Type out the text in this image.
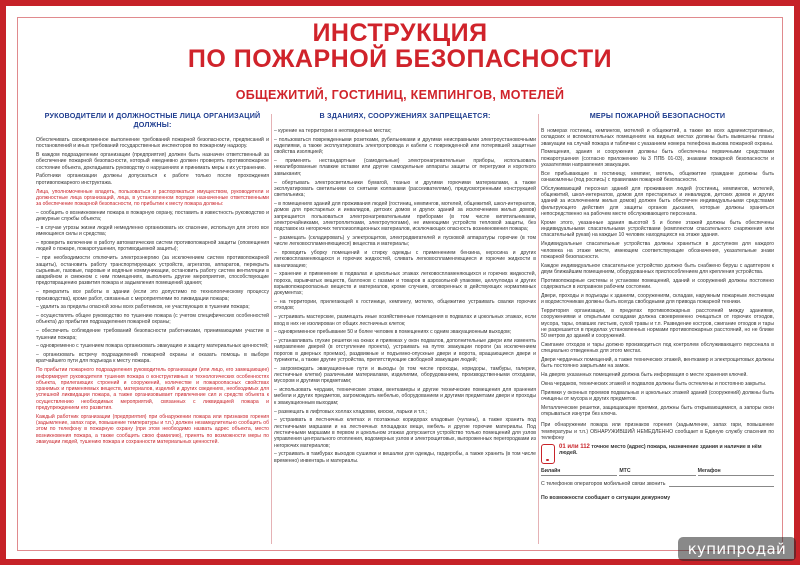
ИНСТРУКЦИЯ
ПО ПОЖАРНОЙ БЕЗОПАСНОСТИ
ОБЩЕЖИТИЙ, ГОСТИНИЦ, КЕМПИНГОВ, МОТЕЛЕЙ
РУКОВОДИТЕЛИ И ДОЛЖНОСТНЫЕ ЛИЦА ОРГАНИЗАЦИЙ ДОЛЖНЫ:

Обеспечивать своевременное выполнение требований пожарной безопасности, предписаний и постановлений и иных требований государственных инспекторов по пожарному надзору.

В каждом подразделении организации (предприятия) должен быть назначен ответственный за обеспечение пожарной безопасности, который ежедневно должен проверять противопожарное состояние объекта, докладывать руководству о нарушениях и принимать меры к их устранению.

Работники организации должны допускаться к работе только после прохождения противопожарного инструктажа.

Лица, уполномоченные владеть, пользоваться и распоряжаться имуществом, руководители и должностные лица организаций, лица, в установленном порядке назначенные ответственными за обеспечение пожарной безопасности, по прибытии к месту пожара должны:

– сообщить о возникновении пожара в пожарную охрану, поставить в известность руководство и дежурные службы объекта;

– в случае угрозы жизни людей немедленно организовать их спасение, используя для этого все имеющиеся силы и средства;

– проверить включение в работу автоматических систем противопожарной защиты (оповещения людей о пожаре, пожаротушения, противодымной защиты);

– при необходимости отключить электроэнергию (за исключением систем противопожарной защиты), остановить работу транспортирующих устройств, агрегатов, аппаратов, перекрыть сырьевые, газовые, паровые и водяные коммуникации, остановить работу систем вентиляции в аварийном и смежном с ним помещениях, выполнить другие мероприятия, способствующие предотвращению развития пожара и задымления помещений здания;

– прекратить все работы в здании (если это допустимо по технологическому процессу производства), кроме работ, связанных с мероприятиями по ликвидации пожара;

– удалить за пределы опасной зоны всех работников, не участвующих в тушении пожара;

– осуществлять общее руководство по тушению пожара (с учетом специфических особенностей объекта) до прибытия подразделения пожарной охраны;

– обеспечить соблюдение требований безопасности работниками, принимающими участие в тушении пожара;

– одновременно с тушением пожара организовать эвакуацию и защиту материальных ценностей;

– организовать встречу подразделений пожарной охраны и оказать помощь в выборе кратчайшего пути для подъезда к месту пожара.

По прибытии пожарного подразделения руководитель организации (или лицо, его замещающее) информирует руководителя тушения пожара о конструктивных и технологических особенностях объекта, прилегающих строений и сооружений, количестве и пожароопасных свойствах хранимых и применяемых веществ, материалов, изделий и других сведениях, необходимых для успешной ликвидации пожара, а также организовывает привлечение сил и средств объекта к осуществлению необходимых мероприятий, связанных с ликвидацией пожара и предупреждением его развития.

Каждый работник организации (предприятия) при обнаружении пожара или признаков горения (задымление, запах гари, повышение температуры и т.п.) должен незамедлительно сообщить об этом по телефону в пожарную охрану (при этом необходимо назвать адрес объекта, место возникновения пожара, а также сообщить свою фамилию), принять по возможности меры по эвакуации людей, тушению пожара и сохранности материальных ценностей.

В ЗДАНИЯХ, СООРУЖЕНИЯХ ЗАПРЕЩАЕТСЯ:

– курение на территории в неотведенных местах;

– пользоваться поврежденными розетками, рубильниками и другими неисправными электроустановочными изделиями, а также эксплуатировать электропровода и кабели с поврежденной или потерявшей защитные свойства изоляцией;

– применять нестандартные (самодельные) электронагревательные приборы, использовать некалиброванные плавкие вставки или другие самодельные аппараты защиты от перегрузки и короткого замыкания;

– обертывать электросветильники бумагой, тканью и другими горючими материалами, а также эксплуатировать светильники со снятыми колпаками (рассеивателями), предусмотренными конструкцией светильника;

– в помещениях зданий для проживания людей (гостиниц, кемпингов, мотелей, общежитий, школ-интернатов, домов для престарелых и инвалидов, детских домов и других зданий за исключением жилых домов) запрещается пользоваться электронагревательными приборами (в том числе кипятильниками, электрочайниками, электроплитками, электроутюгами), не имеющими устройств тепловой защиты, без подставок из негорючих теплоизоляционных материалов, исключающих опасность возникновения пожара;

– размещать (складировать) у электрощитов, электродвигателей и пусковой аппаратуры горючие (в том числе легковоспламеняющиеся) вещества и материалы;

– проводить уборку помещений и стирку одежды с применением бензина, керосина и других легковоспламеняющихся и горючих жидкостей, сливать легковоспламеняющиеся и горючие жидкости в канализацию;

– хранение и применение в подвалах и цокольных этажах легковоспламеняющихся и горючих жидкостей, пороха, взрывчатых веществ, баллонов с газами и товаров в аэрозольной упаковке, целлулоида и других взрывопожароопасных веществ и материалов, кроме случаев, оговоренных в действующих нормативных документах;

– на территории, прилегающей к гостинице, кемпингу, мотелю, общежитию устраивать свалки горючих отходов;

– устраивать мастерские, размещать иные хозяйственные помещения в подвалах и цокольных этажах, если вход в них не изолирован от общих лестничных клеток;

– одновременное пребывание 50 и более человек в помещениях с одним эвакуационным выходом;

– устанавливать глухие решетки на окнах и приямках у окон подвалов, дополнительные двери или изменять направление дверей (в отступление проекта), устраивать на путях эвакуации пороги (за исключением порогов в дверных проемах), раздвижные и подъемно-опускные двери и ворота, вращающиеся двери и турникеты, а также другие устройства, препятствующие свободной эвакуации людей;

– загромождать эвакуационные пути и выходы (в том числе проходы, коридоры, тамбуры, галереи, лестничные клетки) различными материалами, изделиями, оборудованием, производственными отходами, мусором и другими предметами;

– использовать чердаки, технические этажи, венткамеры и другие технические помещения для хранения мебели и других предметов, загромождать мебелью, оборудованием и другими предметами двери и проходы к эвакуационным выходам;

– размещать в лифтовых холлах кладовки, киоски, ларьки и т.п.;

– устраивать в лестничных клетках и поэтажных коридорах кладовые (чуланы), а также хранить под лестничными маршами и на лестничных площадках вещи, мебель и другие горючие материалы. Под лестничными маршами в первом и цокольном этажах допускается устройство только помещений для узлов управления центрального отопления, водомерных узлов и электрощитовых, выгороженных перегородками из негорючих материалов;

– устраивать в тамбурах выходов сушилки и вешалки для одежды, гардеробы, а также хранить (в том числе временно) инвентарь и материалы.

МЕРЫ ПОЖАРНОЙ БЕЗОПАСНОСТИ

В номерах гостиниц, кемпингов, мотелей и общежитий, а также во всех административных, складских и вспомогательных помещениях на видных местах должны быть вывешены планы эвакуации на случай пожара и таблички с указанием номера телефона вызова пожарной охраны.

Помещения, здания и сооружения должны быть обеспечены первичными средствами пожаротушения (согласно приложению №3 ППБ 01-03), знаками пожарной безопасности и указателями направления эвакуации.

Все прибывающие в гостиницу, кемпинг, мотель, общежитие граждане должны быть ознакомлены (под роспись) с правилами пожарной безопасности.

Обслуживающий персонал зданий для проживания людей (гостиниц, кемпингов, мотелей, общежитий, школ-интернатов, домов для престарелых и инвалидов, детских домов и других зданий за исключением жилых домов) должен быть обеспечен индивидуальными средствами фильтрующего действия для защиты органов дыхания, которые должны храниться непосредственно на рабочем месте обслуживающего персонала.

Кроме этого, указанные здания высотой 5 и более этажей должны быть обеспечены индивидуальными спасательными устройствами (комплектом спасательного снаряжения или спасательный рукав) на каждые 10 человек находящихся на этаже здания.

Индивидуальные спасательные устройства должны храниться в доступном для каждого человека на этаже месте, имеющем соответствующие обозначения, указательные знаки пожарной безопасности.

Каждое индивидуальное спасательное устройство должно быть снабжено беруш с адаптером к двум ближайшим помещениям, оборудованных приспособлением для крепления устройства.

Противопожарные системы и установки помещений, зданий и сооружений должны постоянно содержаться в исправном рабочем состоянии.

Двери, проходы и подъезды к зданиям, сооружениям, складам, наружным пожарным лестницам и водоисточникам должны быть всегда свободными для привода пожарной техники.

Территория организации, в пределах противопожарных расстояний между зданиями, сооружениями и открытыми складами должна своевременно очищаться от горючих отходов, мусора, тары, опавших листьев, сухой травы и т.п. Разведение костров, сжигание отходов и тары не разрешается в пределах установленных нормами противопожарных расстояний, но не ближе 50 метров до зданий и сооружений.

Сжигание отходов и тары должно производиться под контролем обслуживающего персонала в специально отведенных для этого местах.

Двери чердачных помещений, а также технических этажей, венткамер и электрощитовых должны быть постоянно закрытыми на замок.

На дверях указанных помещений должна быть информация о месте хранения ключей.

Окна чердаков, технических этажей и подвалов должны быть остеклены и постоянно закрыты.

Приямки у оконных проемов подвальных и цокольных этажей зданий (сооружений) должны быть очищены от мусора и других предметов.

Металлические решетки, защищающие приямки, должны быть открывающимися, а запоры окон открываться изнутри без ключа.

При обнаружении пожара или признаков горения (задымление, запах гари, повышение температуры и т.п.) ОБНАРУЖИВШИЙ НЕМЕДЛЕННО сообщает в Единую службу спасения по телефону

01 или 112 точное место (адрес) пожара, назначение здания и наличие в нём людей.
Билайн	МТС	Мегафон
С телефонов операторов мобильной связи звонить
По возможности сообщает о ситуации дежурному
купипродай
